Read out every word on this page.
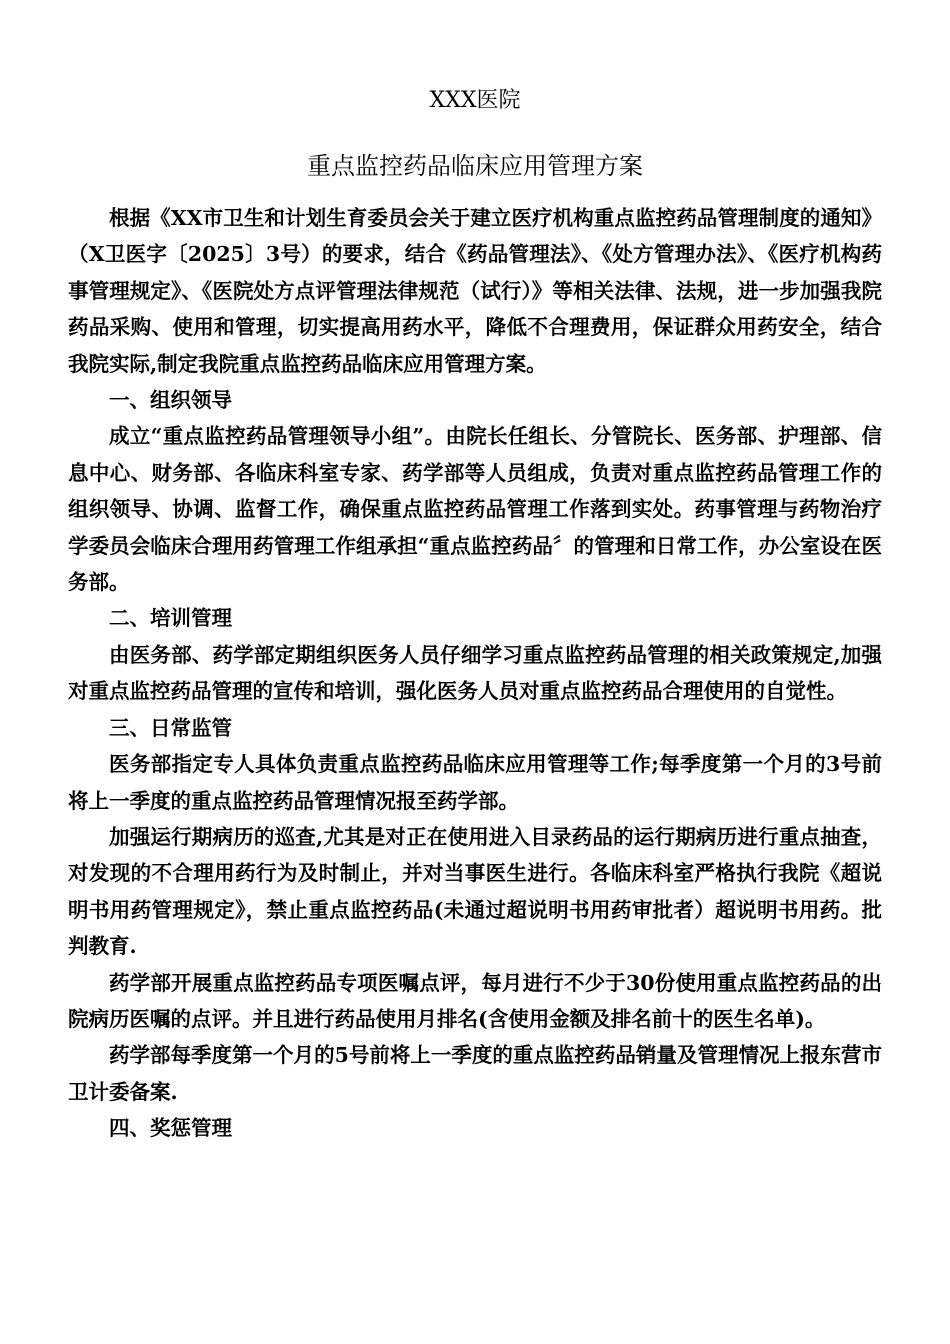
XXX医院
重点监控药品临床应用管理方案

根据《XX市卫生和计划生育委员会关于建立医疗机构重点监控药品管理制度的通知》（X卫医字〔2025〕3号）的要求，结合《药品管理法》、《处方管理办法》、《医疗机构药事管理规定》、《医院处方点评管理法律规范（试行）》等相关法律、法规，进一步加强我院药品采购、使用和管理，切实提高用药水平，降低不合理费用，保证群众用药安全，结合我院实际,制定我院重点监控药品临床应用管理方案。

一、组织领导

成立“重点监控药品管理领导小组”。由院长任组长、分管院长、医务部、护理部、信息中心、财务部、各临床科室专家、药学部等人员组成，负责对重点监控药品管理工作的组织领导、协调、监督工作，确保重点监控药品管理工作落到实处。药事管理与药物治疗学委员会临床合理用药管理工作组承担“重点监控药品〞的管理和日常工作，办公室设在医务部。

二、培训管理

由医务部、药学部定期组织医务人员仔细学习重点监控药品管理的相关政策规定,加强对重点监控药品管理的宣传和培训，强化医务人员对重点监控药品合理使用的自觉性。

三、日常监管

医务部指定专人具体负责重点监控药品临床应用管理等工作;每季度第一个月的3号前将上一季度的重点监控药品管理情况报至药学部。

加强运行期病历的巡查,尤其是对正在使用进入目录药品的运行期病历进行重点抽查，对发现的不合理用药行为及时制止，并对当事医生进行。各临床科室严格执行我院《超说明书用药管理规定》，禁止重点监控药品(未通过超说明书用药审批者）超说明书用药。批判教育.

药学部开展重点监控药品专项医嘱点评，每月进行不少于30份使用重点监控药品的出院病历医嘱的点评。并且进行药品使用月排名(含使用金额及排名前十的医生名单)。

药学部每季度第一个月的5号前将上一季度的重点监控药品销量及管理情况上报东营市卫计委备案.

四、奖惩管理
